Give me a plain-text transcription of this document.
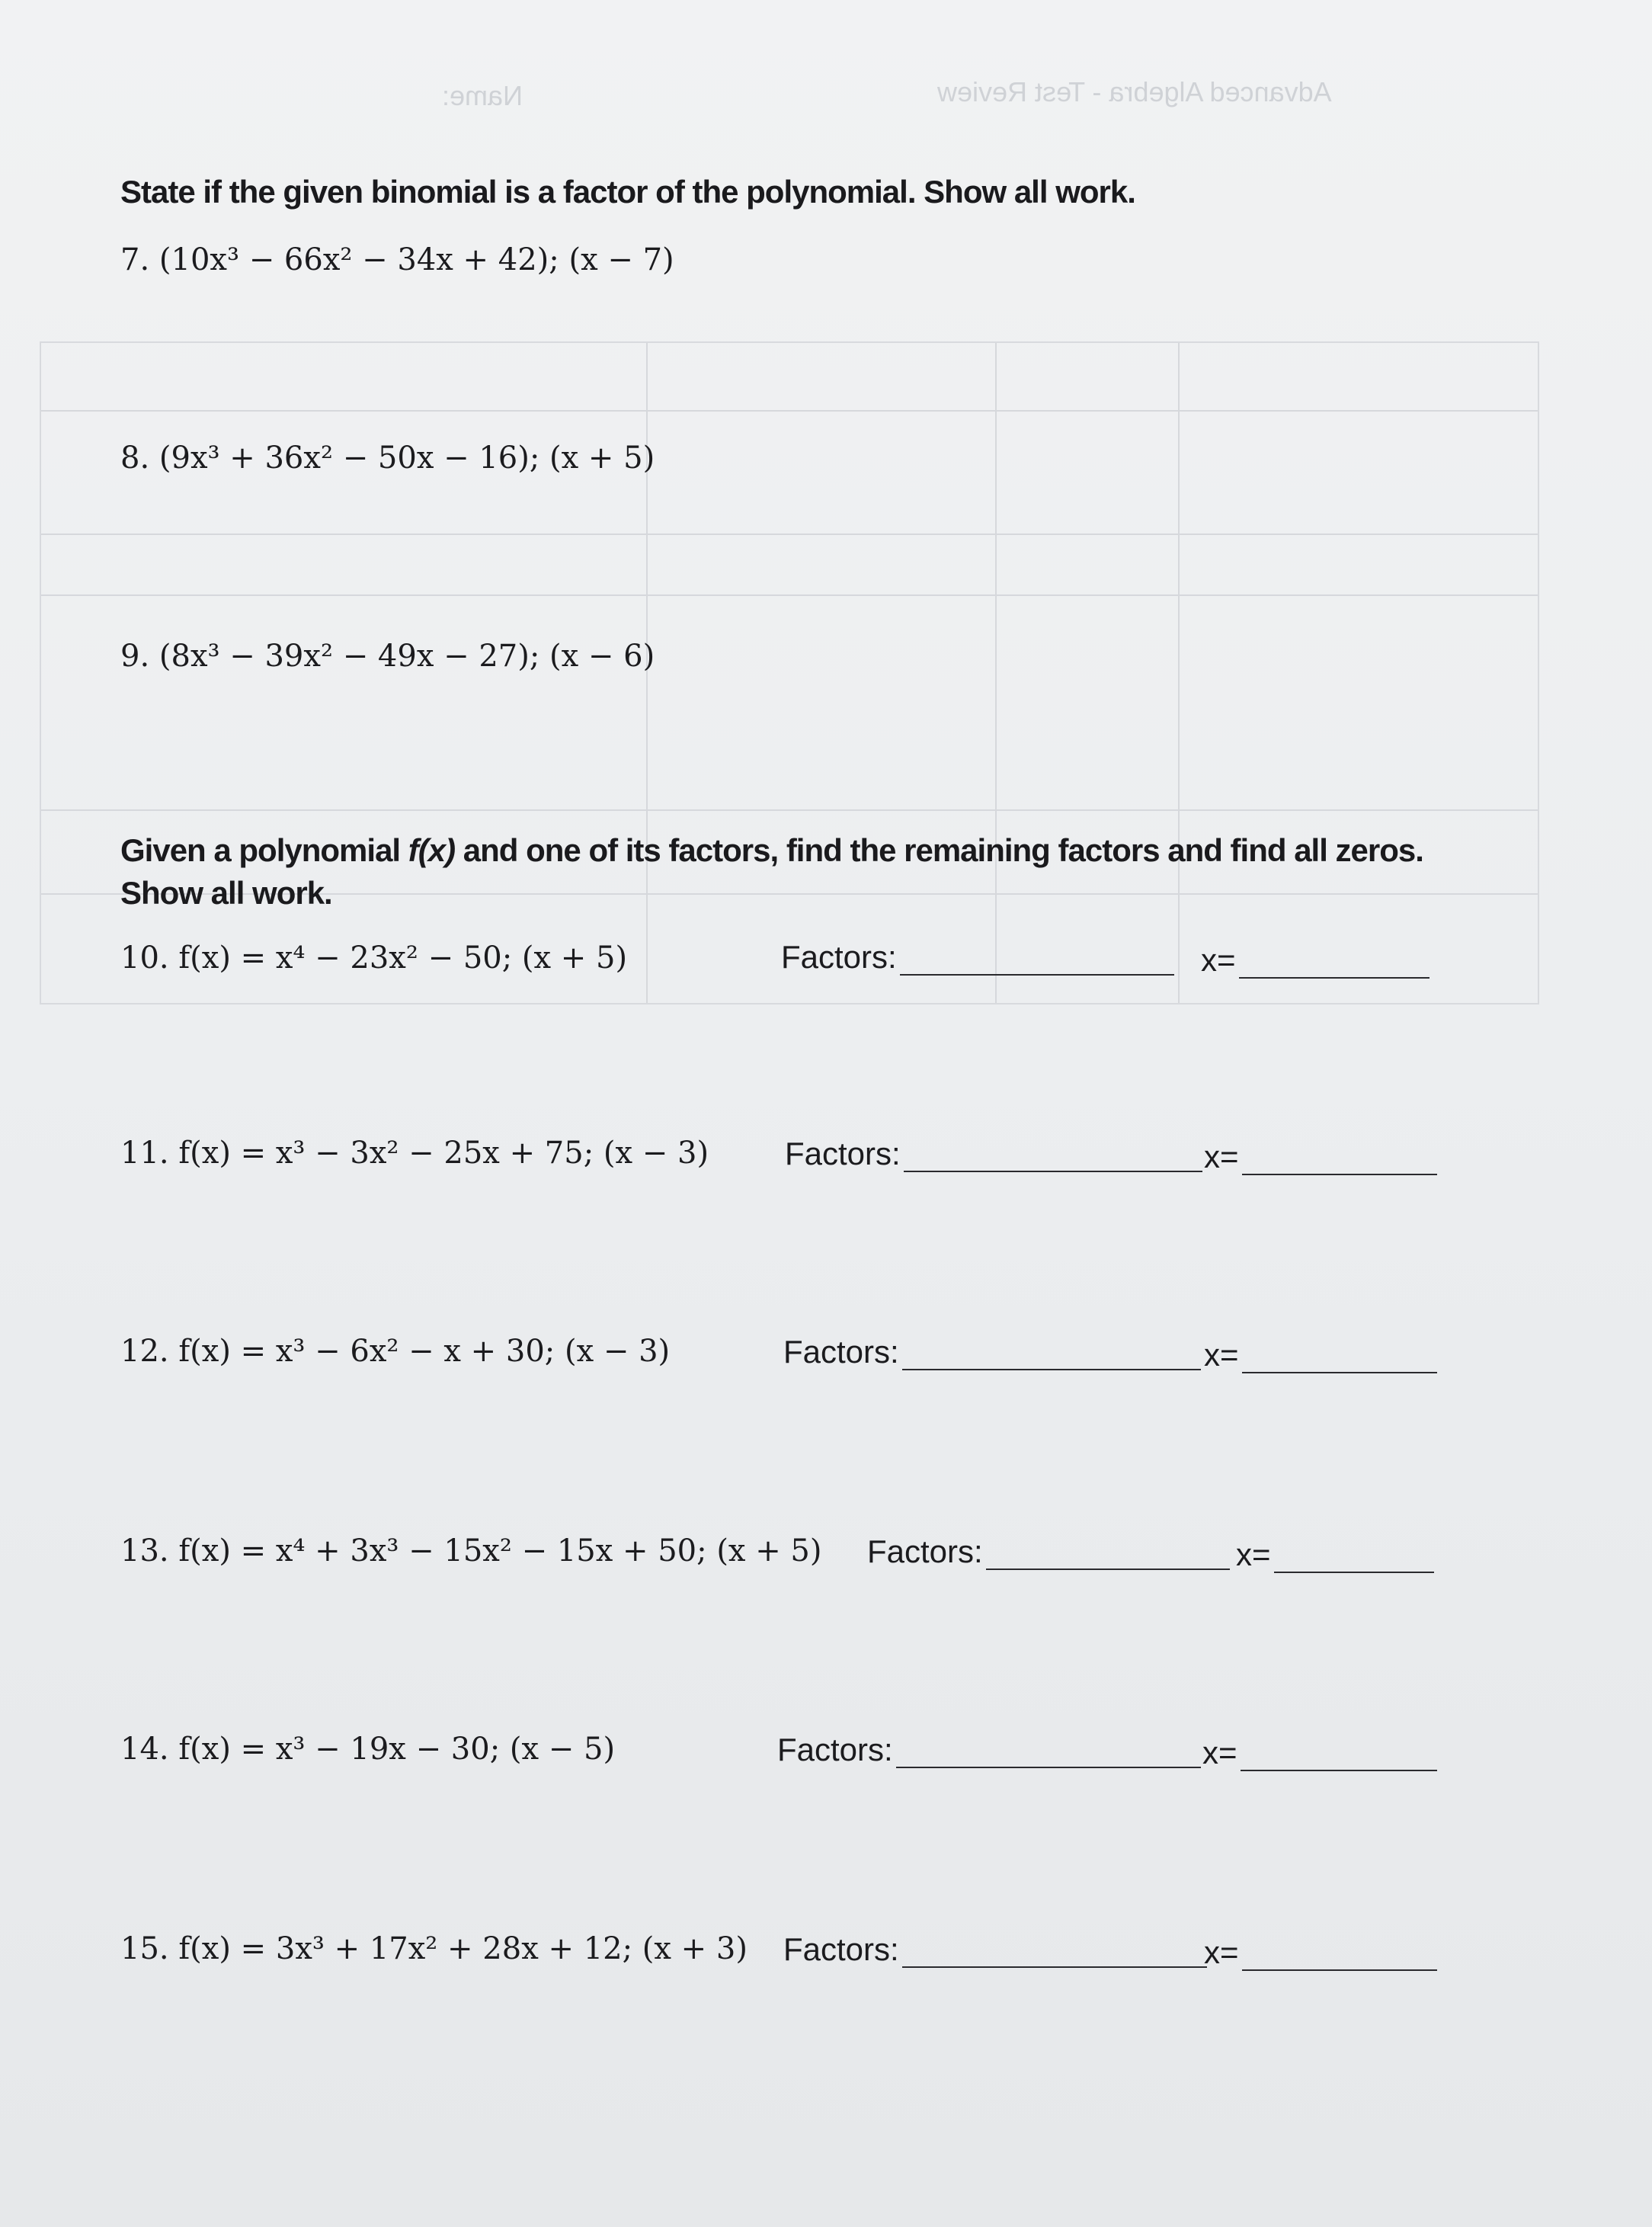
Advanced Algebra - Test Review
Name:
State if the given binomial is a factor of the polynomial. Show all work.
7. (10x³ − 66x² − 34x + 42); (x − 7)
8. (9x³ + 36x² − 50x − 16); (x + 5)
9. (8x³ − 39x² − 49x − 27); (x − 6)
Given a polynomial f(x) and one of its factors, find the remaining factors and find all zeros.
Show all work.
10. f(x) = x⁴ − 23x² − 50; (x + 5)	Factors:	x=
11. f(x) = x³ − 3x² − 25x + 75; (x − 3) Factors:	x=
12. f(x) = x³ − 6x² − x + 30; (x − 3)	Factors:	x=
13. f(x) = x⁴ + 3x³ − 15x² − 15x + 50; (x + 5) Factors:	x=
14. f(x) = x³ − 19x − 30; (x − 5)	Factors:	x=
15. f(x) = 3x³ + 17x² + 28x + 12; (x + 3) Factors:	x=
